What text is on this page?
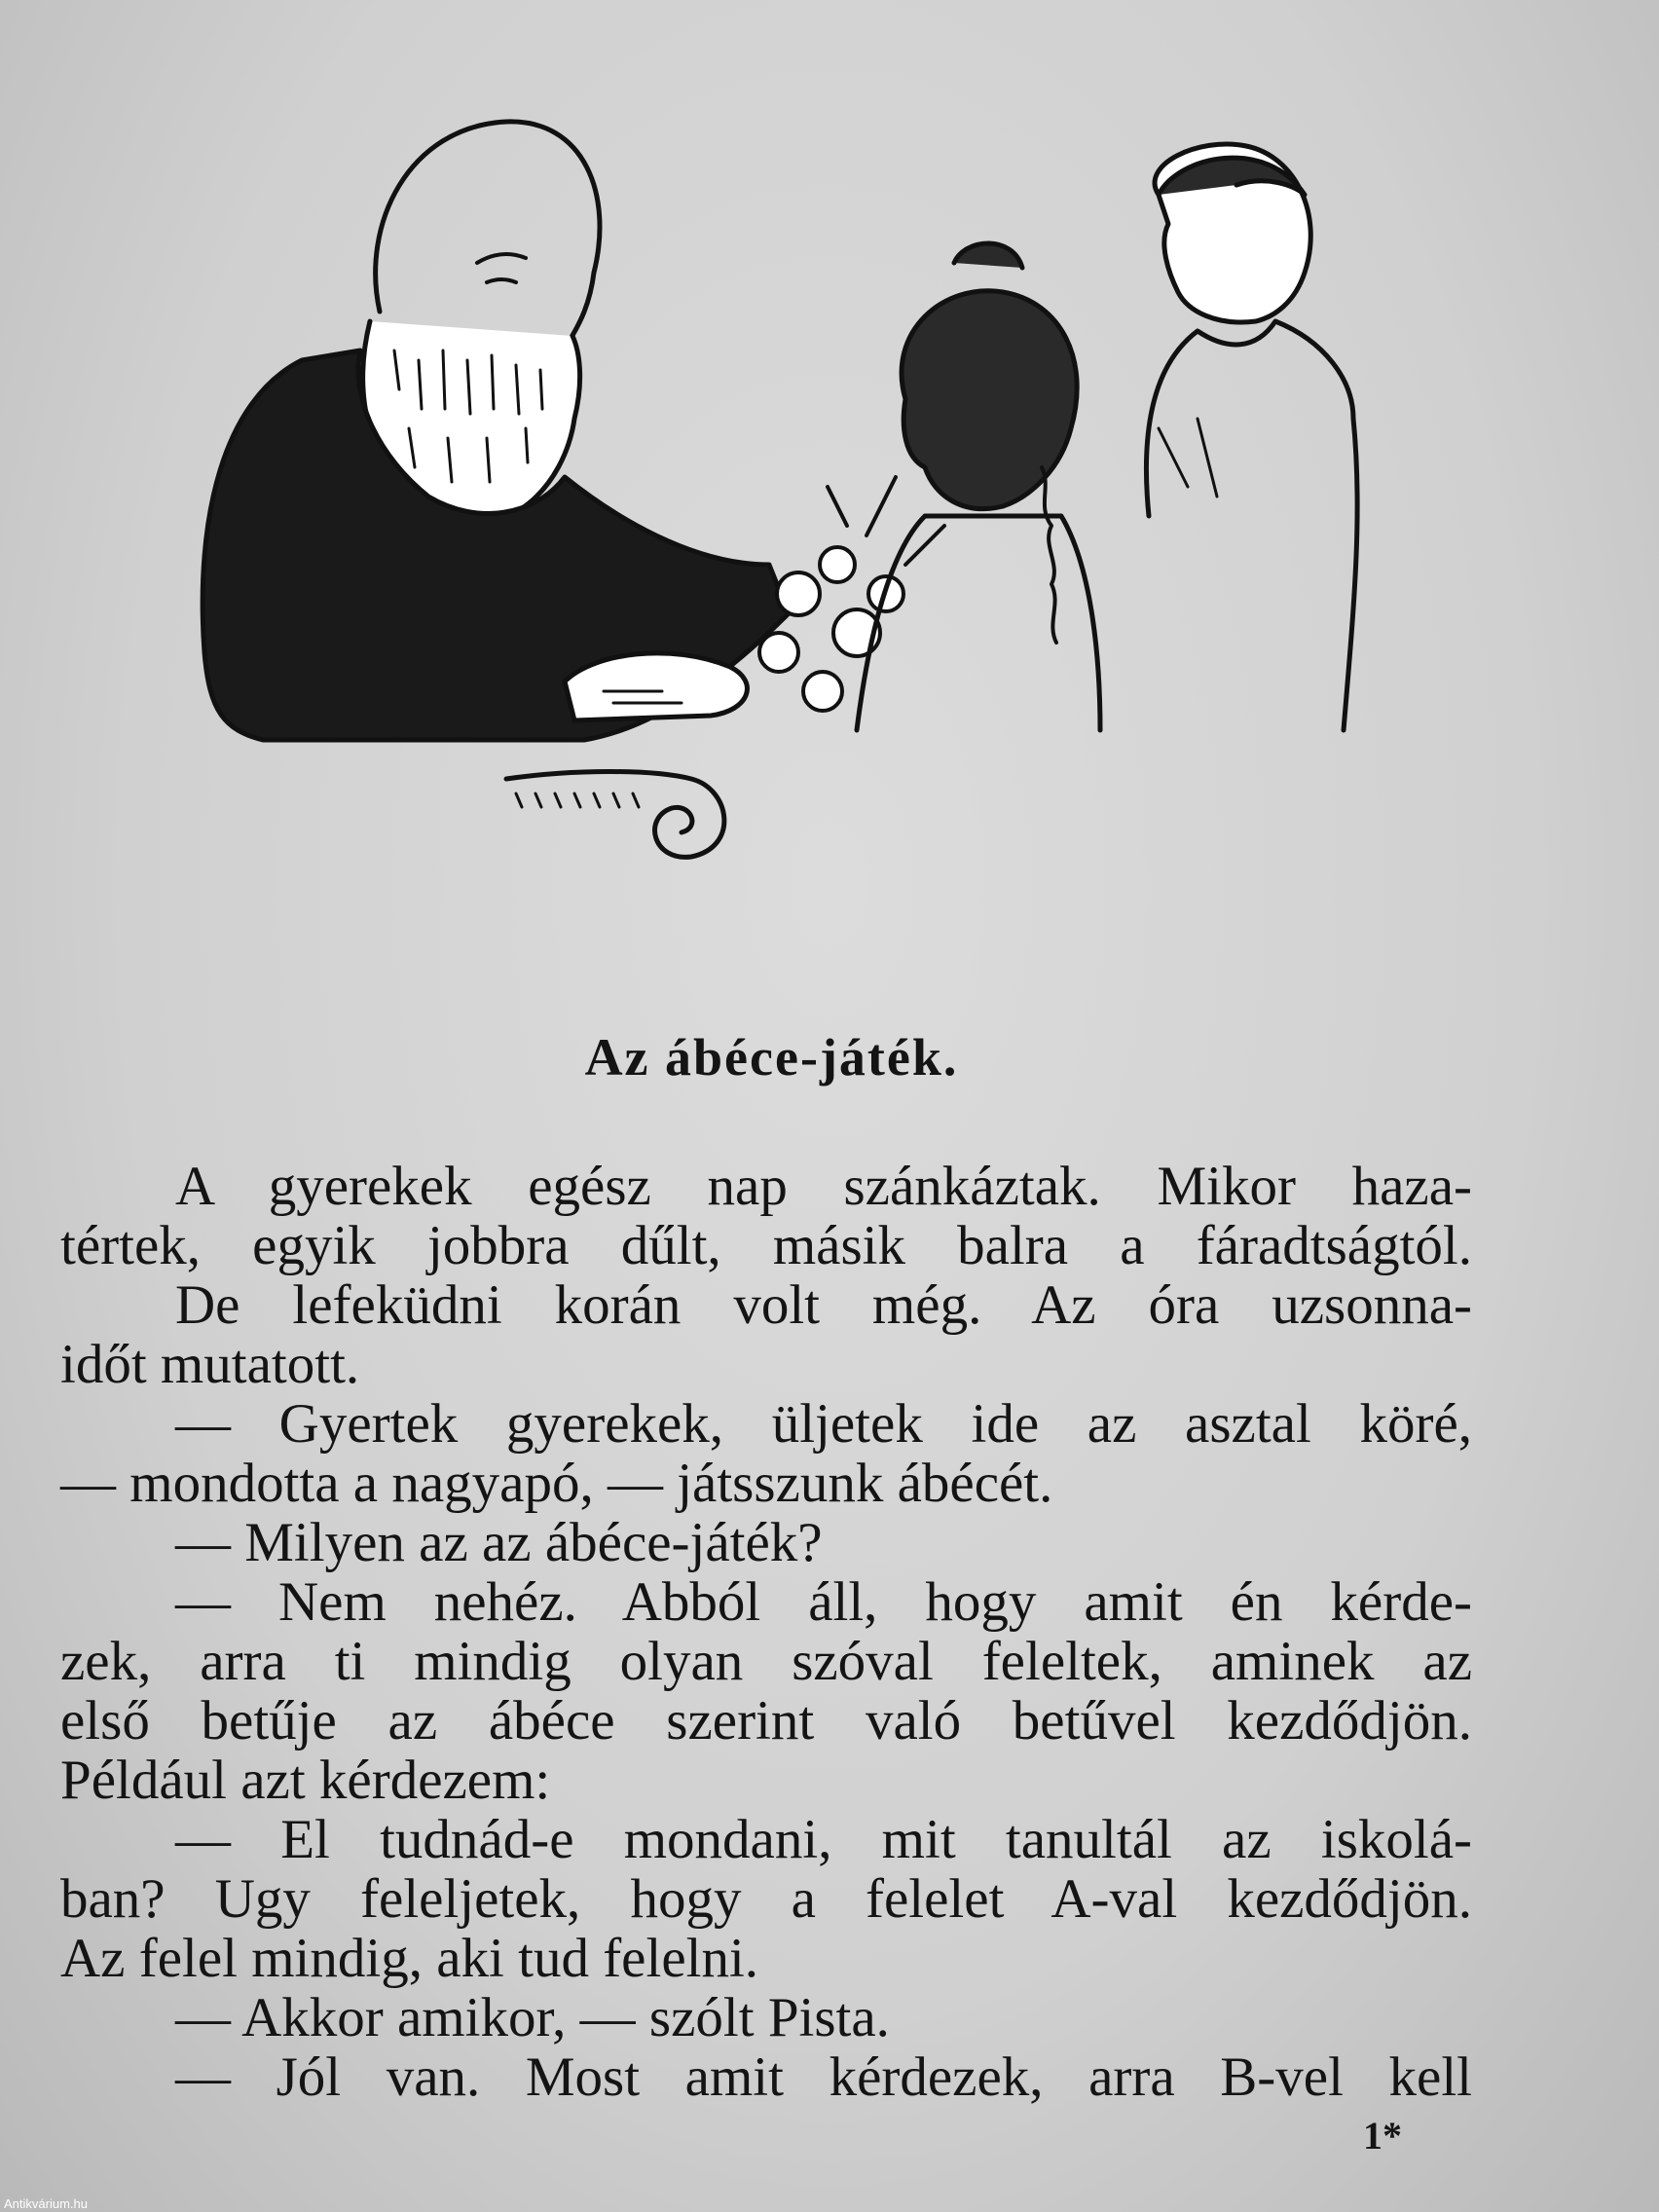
Az ábéce-játék.
A gyerekek egész nap szánkáztak. Mikor haza-
tértek, egyik jobbra dűlt, másik balra a fáradtságtól.
De lefeküdni korán volt még. Az óra uzsonna-
időt mutatott.
— Gyertek gyerekek, üljetek ide az asztal köré,
— mondotta a nagyapó, — játsszunk ábécét.
— Milyen az az ábéce-játék?
— Nem nehéz. Abból áll, hogy amit én kérde-
zek, arra ti mindig olyan szóval feleltek, aminek az
első betűje az ábéce szerint való betűvel kezdődjön.
Például azt kérdezem:
— El tudnád-e mondani, mit tanultál az iskolá-
ban? Ugy feleljetek, hogy a felelet A-val kezdődjön.
Az felel mindig, aki tud felelni.
— Akkor amikor, — szólt Pista.
— Jól van. Most amit kérdezek, arra B-vel kell
1*
Antikvárium.hu
